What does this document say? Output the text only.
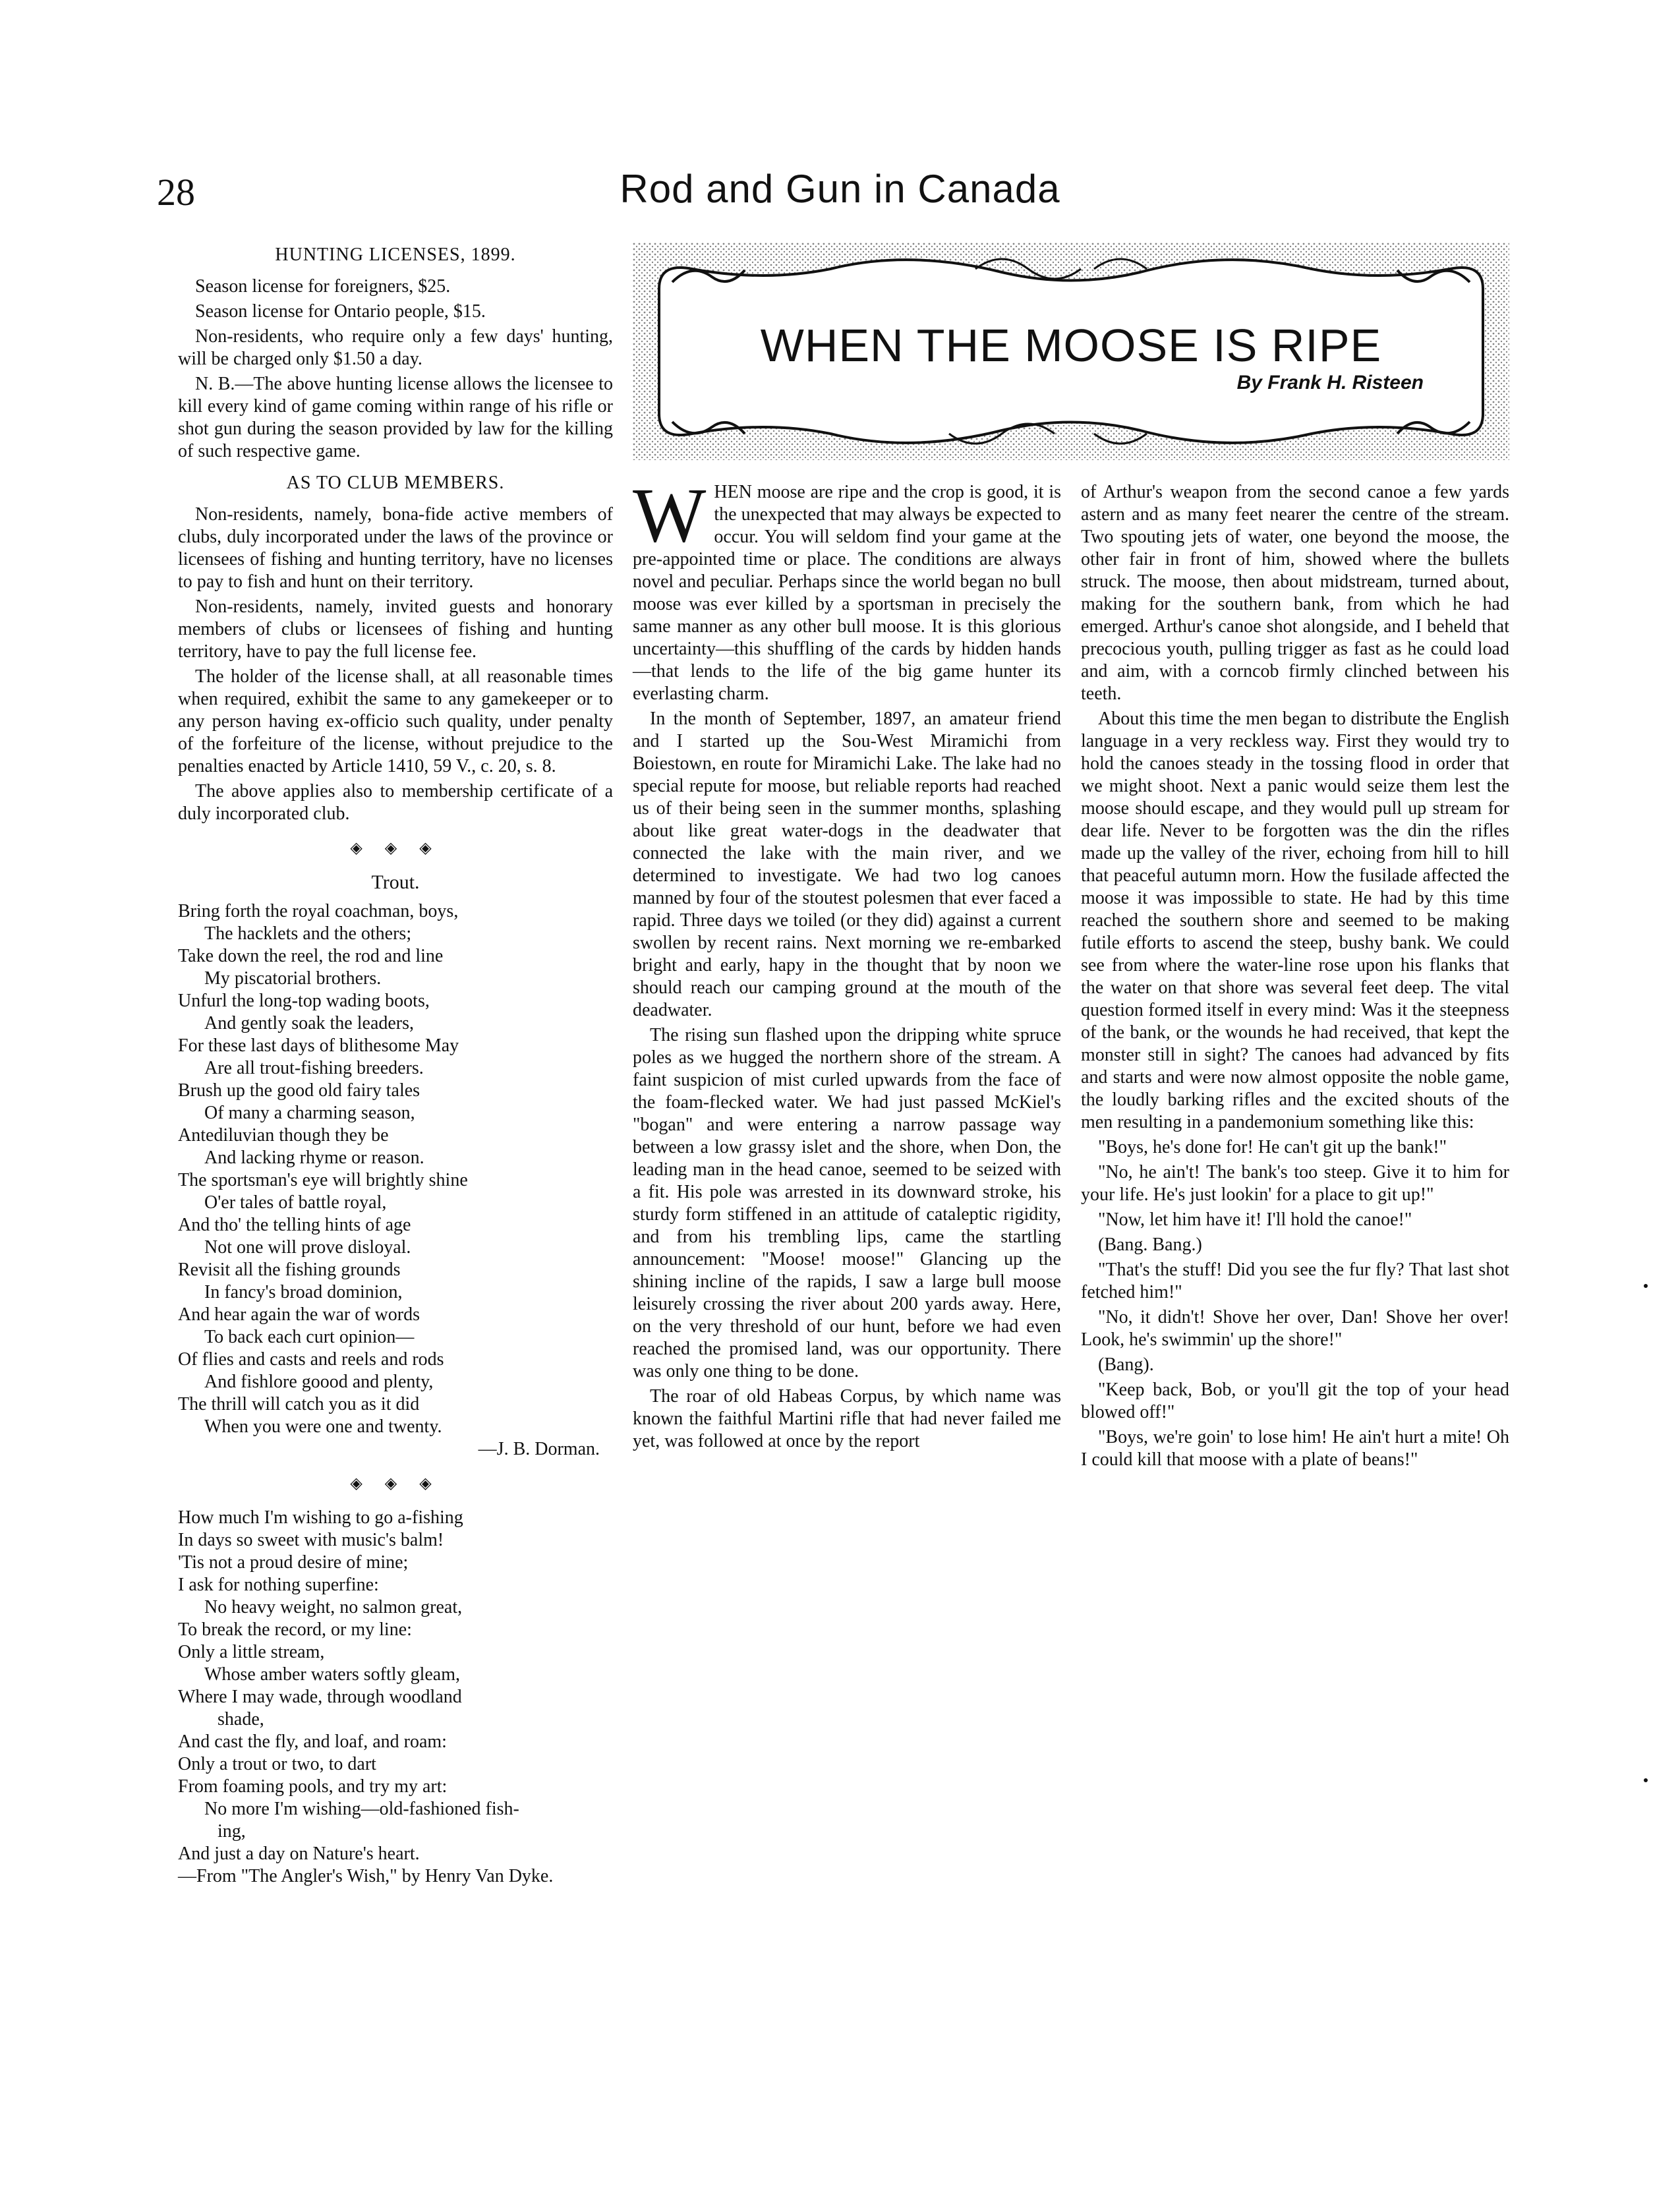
28	Rod and Gun in Canada
HUNTING LICENSES, 1899.

Season license for foreigners, $25.

Season license for Ontario people, $15.

Non-residents, who require only a few days' hunting, will be charged only $1.50 a day.

N. B.—The above hunting license allows the licensee to kill every kind of game coming within range of his rifle or shot gun during the season provided by law for the killing of such respective game.

AS TO CLUB MEMBERS.

Non-residents, namely, bona-fide active members of clubs, duly incorporated under the laws of the province or licensees of fishing and hunting territory, have no licenses to pay to fish and hunt on their territory.

Non-residents, namely, invited guests and honorary members of clubs or licensees of fishing and hunting territory, have to pay the full license fee.

The holder of the license shall, at all reasonable times when required, exhibit the same to any gamekeeper or to any person having ex-officio such quality, under penalty of the forfeiture of the license, without prejudice to the penalties enacted by Article 1410, 59 V., c. 20, s. 8.

The above applies also to membership certificate of a duly incorporated club.

◈ ◈ ◈
Trout.
Bring forth the royal coachman, boys,
The hacklets and the others;
Take down the reel, the rod and line
My piscatorial brothers.
Unfurl the long-top wading boots,
And gently soak the leaders,
For these last days of blithesome May
Are all trout-fishing breeders.
Brush up the good old fairy tales
Of many a charming season,
Antediluvian though they be
And lacking rhyme or reason.
The sportsman's eye will brightly shine
O'er tales of battle royal,
And tho' the telling hints of age
Not one will prove disloyal.
Revisit all the fishing grounds
In fancy's broad dominion,
And hear again the war of words
To back each curt opinion—
Of flies and casts and reels and rods
And fishlore goood and plenty,
The thrill will catch you as it did
When you were one and twenty.
—J. B. Dorman.
◈ ◈ ◈
How much I'm wishing to go a-fishing
In days so sweet with music's balm!
'Tis not a proud desire of mine;
I ask for nothing superfine:
No heavy weight, no salmon great,
To break the record, or my line:
Only a little stream,
Whose amber waters softly gleam,
Where I may wade, through woodland
shade,
And cast the fly, and loaf, and roam:
Only a trout or two, to dart
From foaming pools, and try my art:
No more I'm wishing—old-fashioned fish-
ing,
And just a day on Nature's heart.
—From "The Angler's Wish," by Henry Van Dyke.
WHEN THE MOOSE IS RIPE
By Frank H. Risteen

WHEN moose are ripe and the crop is good, it is the unexpected that may always be expected to occur. You will seldom find your game at the pre-appointed time or place. The conditions are always novel and peculiar. Perhaps since the world began no bull moose was ever killed by a sportsman in precisely the same manner as any other bull moose. It is this glorious uncertainty—this shuffling of the cards by hidden hands—that lends to the life of the big game hunter its everlasting charm.

In the month of September, 1897, an amateur friend and I started up the Sou-West Miramichi from Boiestown, en route for Miramichi Lake. The lake had no special repute for moose, but reliable reports had reached us of their being seen in the summer months, splashing about like great water-dogs in the deadwater that connected the lake with the main river, and we determined to investigate. We had two log canoes manned by four of the stoutest polesmen that ever faced a rapid. Three days we toiled (or they did) against a current swollen by recent rains. Next morning we re-embarked bright and early, hapy in the thought that by noon we should reach our camping ground at the mouth of the deadwater.

The rising sun flashed upon the dripping white spruce poles as we hugged the northern shore of the stream. A faint suspicion of mist curled upwards from the face of the foam-flecked water. We had just passed McKiel's "bogan" and were entering a narrow passage way between a low grassy islet and the shore, when Don, the leading man in the head canoe, seemed to be seized with a fit. His pole was arrested in its downward stroke, his sturdy form stiffened in an attitude of cataleptic rigidity, and from his trembling lips, came the startling announcement: "Moose! moose!" Glancing up the shining incline of the rapids, I saw a large bull moose leisurely crossing the river about 200 yards away. Here, on the very threshold of our hunt, before we had even reached the promised land, was our opportunity. There was only one thing to be done.

The roar of old Habeas Corpus, by which name was known the faithful Martini rifle that had never failed me yet, was followed at once by the report

of Arthur's weapon from the second canoe a few yards astern and as many feet nearer the centre of the stream. Two spouting jets of water, one beyond the moose, the other fair in front of him, showed where the bullets struck. The moose, then about midstream, turned about, making for the southern bank, from which he had emerged. Arthur's canoe shot alongside, and I beheld that precocious youth, pulling trigger as fast as he could load and aim, with a corncob firmly clinched between his teeth.

About this time the men began to distribute the English language in a very reckless way. First they would try to hold the canoes steady in the tossing flood in order that we might shoot. Next a panic would seize them lest the moose should escape, and they would pull up stream for dear life. Never to be forgotten was the din the rifles made up the valley of the river, echoing from hill to hill that peaceful autumn morn. How the fusilade affected the moose it was impossible to state. He had by this time reached the southern shore and seemed to be making futile efforts to ascend the steep, bushy bank. We could see from where the water-line rose upon his flanks that the water on that shore was several feet deep. The vital question formed itself in every mind: Was it the steepness of the bank, or the wounds he had received, that kept the monster still in sight? The canoes had advanced by fits and starts and were now almost opposite the noble game, the loudly barking rifles and the excited shouts of the men resulting in a pandemonium something like this:

"Boys, he's done for! He can't git up the bank!"

"No, he ain't! The bank's too steep. Give it to him for your life. He's just lookin' for a place to git up!"

"Now, let him have it! I'll hold the canoe!"

(Bang. Bang.)

"That's the stuff! Did you see the fur fly? That last shot fetched him!"

"No, it didn't! Shove her over, Dan! Shove her over! Look, he's swimmin' up the shore!"

(Bang).

"Keep back, Bob, or you'll git the top of your head blowed off!"

"Boys, we're goin' to lose him! He ain't hurt a mite! Oh I could kill that moose with a plate of beans!"
